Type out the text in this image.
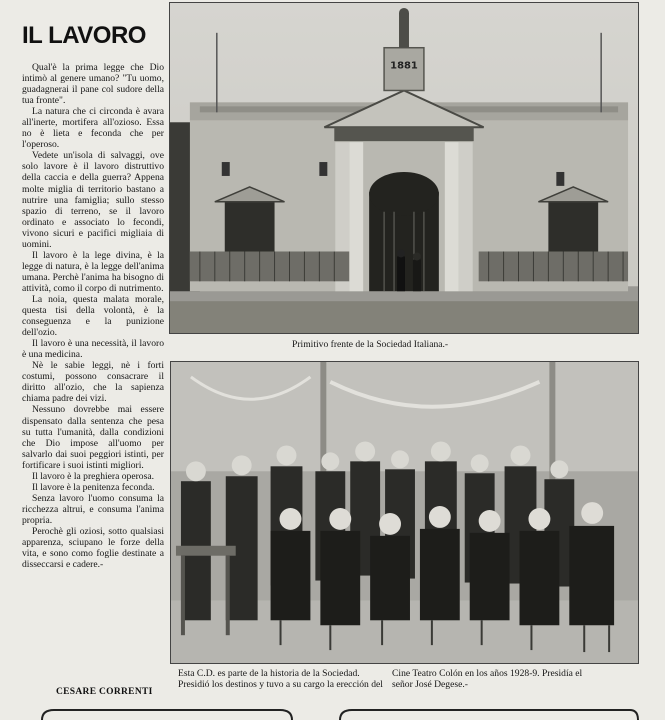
IL LAVORO

Qual'è la prima legge che Dio intimò al genere umano? "Tu uomo, guadagnerai il pane col sudore della tua fronte".

La natura che ci circonda è avara all'inerte, mortifera all'ozioso. Essa no è lieta e feconda che per l'operoso.

Vedete un'isola di salvaggi, ove solo lavore è il lavoro distruttivo della caccia e della guerra? Appena molte miglia di territorio bastano a nutrire una famiglia; sullo stesso spazio di terreno, se il lavoro ordinato e associato lo fecondi, vivono sicuri e pacifici migliaia di uomini.

Il lavoro è la lege divina, è la legge di natura, è la legge dell'anima umana. Perchè l'anima ha bisogno di attività, como il corpo di nutrimento.

La noia, questa malata morale, questa tisi della volontà, è la conseguenza e la punizione dell'ozio.

Il lavoro è una necessità, il lavoro è una medicina.

Nè le sabie leggi, nè i forti costumi, possono consacrare il diritto all'ozio, che la sapienza chiama padre dei vizi.

Nessuno dovrebbe mai essere dispensato dalla sentenza che pesa su tutta l'umanità, dalla condizioni che Dio impose all'uomo per salvarlo dai suoi peggiori istinti, per fortificare i suoi istinti migliori.

Il lavoro è la preghiera operosa.

Il lavore è la penitenza feconda.

Senza lavoro l'uomo consuma la ricchezza altrui, e consuma l'anima propria.

Perochè gli oziosi, sotto qualsiasi apparenza, sciupano le forze della vita, e sono como foglie destinate a disseccarsi e cadere.-

CESARE CORRENTI
1881
Primitivo frente de la Sociedad Italiana.-
Esta C.D. es parte de la historia de la Sociedad. Presidió los destinos y tuvo a su cargo la erección del Cine Teatro Colón en los años 1928-9. Presidía el señor José Degese.-
